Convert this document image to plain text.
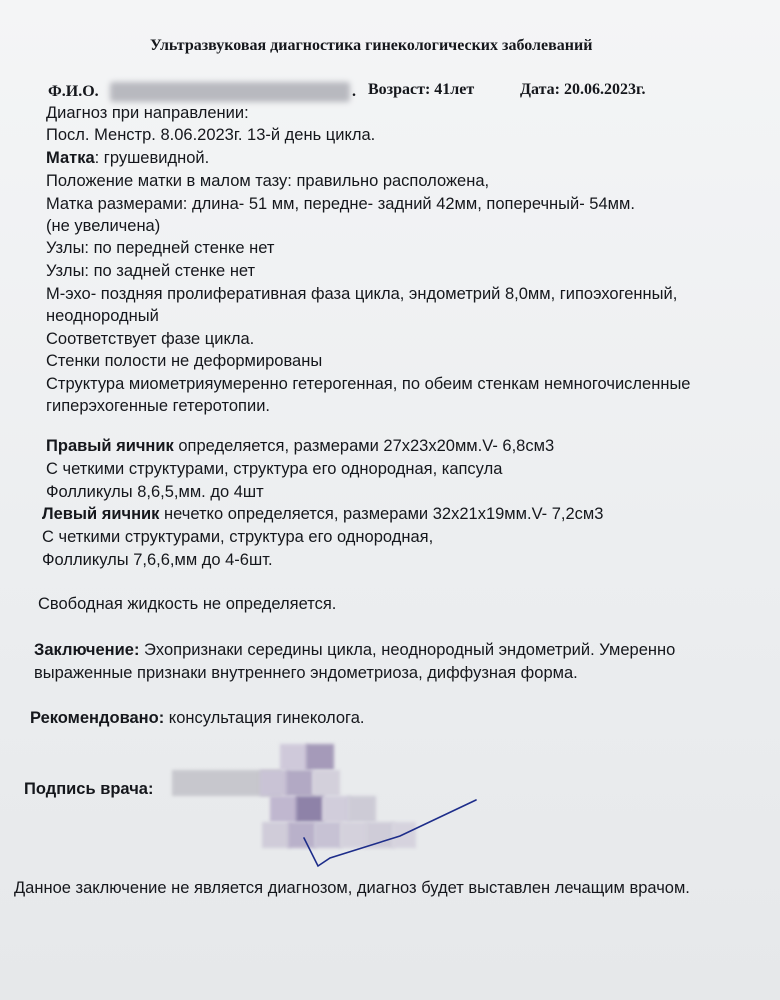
Ультразвуковая диагностика гинекологических заболеваний
Ф.И.О.	. Возраст: 41лет	Дата: 20.06.2023г.
Диагноз при направлении:
Посл. Менстр. 8.06.2023г. 13-й день цикла.
Матка: грушевидной.
Положение матки в малом тазу: правильно расположена,
Матка размерами: длина- 51 мм, передне- задний 42мм, поперечный- 54мм.
(не увеличена)
Узлы: по передней стенке нет
Узлы: по задней стенке нет
М-эхо- поздняя пролиферативная фаза цикла, эндометрий 8,0мм, гипоэхогенный,
неоднородный
Соответствует фазе цикла.
Стенки полости не деформированы
Структура миометрияумеренно гетерогенная, по обеим стенкам немногочисленные
гиперэхогенные гетеротопии.
Правый яичник определяется, размерами 27x23x20мм.V- 6,8см3
С четкими структурами, структура его однородная, капсула
Фолликулы 8,6,5,мм. до 4шт
Левый яичник нечетко определяется, размерами 32x21x19мм.V- 7,2см3
С четкими структурами, структура его однородная,
Фолликулы 7,6,6,мм до 4-6шт.
Свободная жидкость не определяется.
Заключение: Эхопризнаки середины цикла, неоднородный эндометрий. Умеренно
выраженные признаки внутреннего эндометриоза, диффузная форма.
Рекомендовано: консультация гинеколога.
Подпись врача:
Данное заключение не является диагнозом, диагноз будет выставлен лечащим врачом.
